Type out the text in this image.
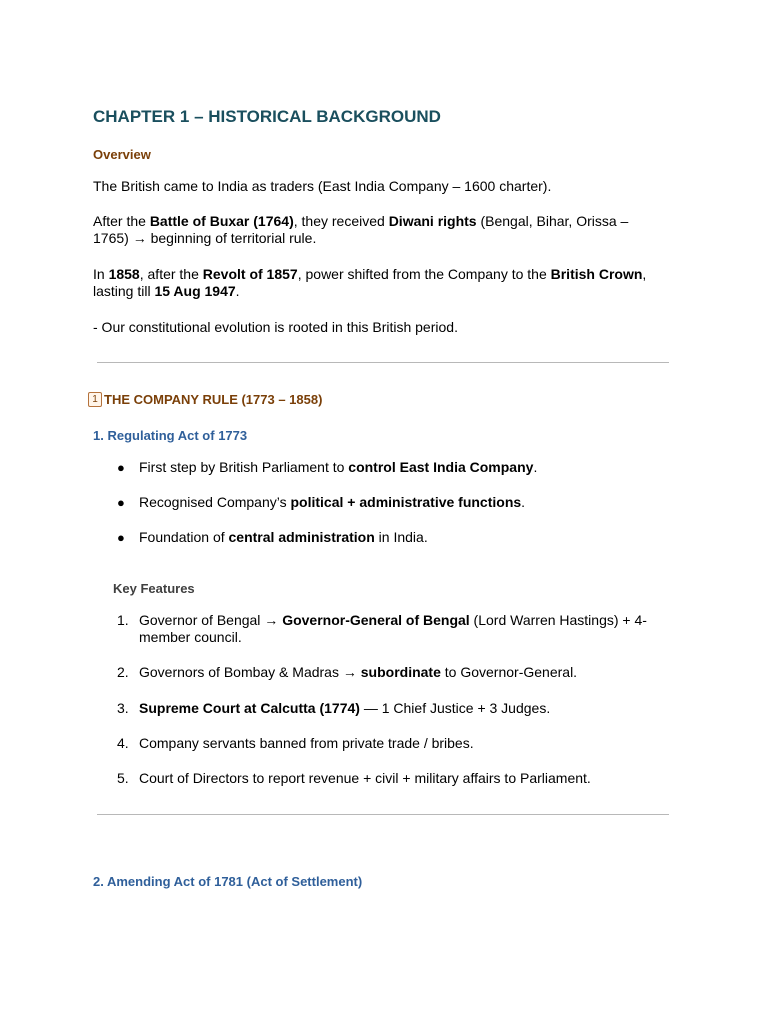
CHAPTER 1 – HISTORICAL BACKGROUND
Overview

The British came to India as traders (East India Company – 1600 charter).

After the Battle of Buxar (1764), they received Diwani rights (Bengal, Bihar, Orissa – 1765) → beginning of territorial rule.

In 1858, after the Revolt of 1857, power shifted from the Company to the British Crown, lasting till 15 Aug 1947.

- Our constitutional evolution is rooted in this British period.

1 THE COMPANY RULE (1773 – 1858)
1. Regulating Act of 1773
● First step by British Parliament to control East India Company.

● Recognised Company’s political + administrative functions.

● Foundation of central administration in India.

Key Features
1. Governor of Bengal → Governor-General of Bengal (Lord Warren Hastings) + 4-member council.

2. Governors of Bombay & Madras → subordinate to Governor-General.

3. Supreme Court at Calcutta (1774) — 1 Chief Justice + 3 Judges.

4. Company servants banned from private trade / bribes.

5. Court of Directors to report revenue + civil + military affairs to Parliament.

2. Amending Act of 1781 (Act of Settlement)
